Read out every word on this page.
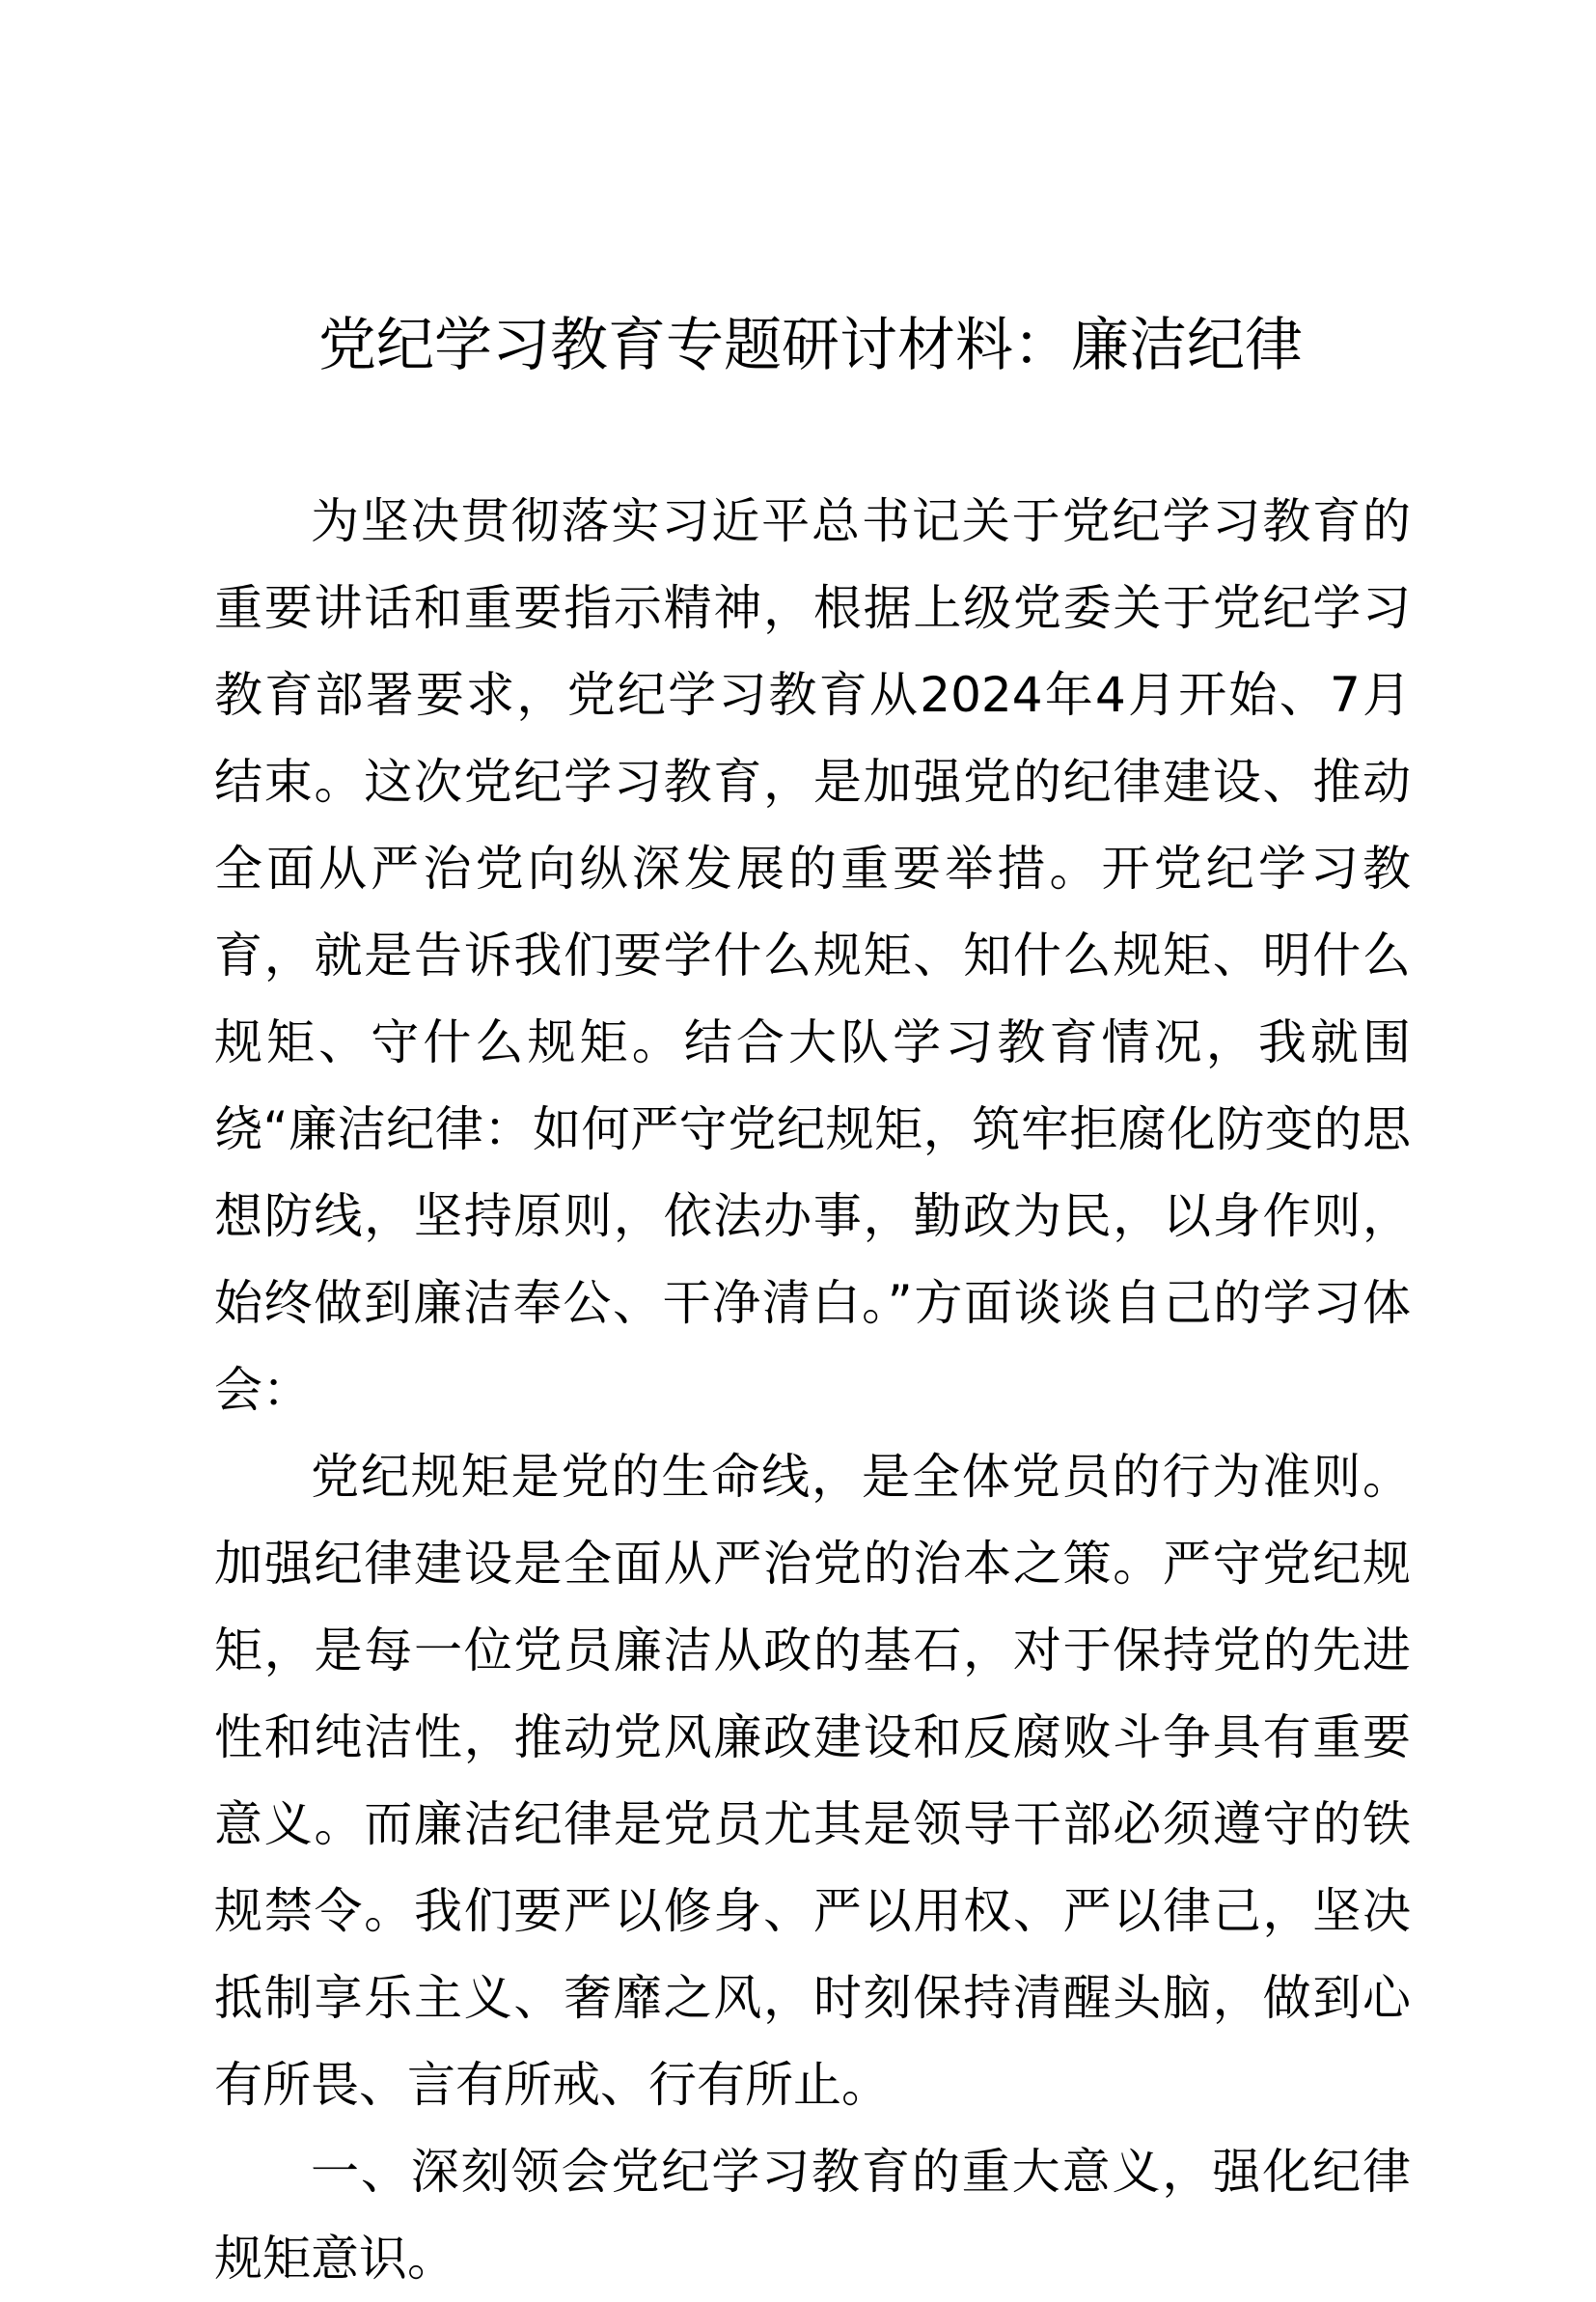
党纪学习教育专题研讨材料：廉洁纪律

为坚决贯彻落实习近平总书记关于党纪学习教育的重要讲话和重要指示精神，根据上级党委关于党纪学习教育部署要求，党纪学习教育从2024年4月开始、7月结束。这次党纪学习教育，是加强党的纪律建设、推动全面从严治党向纵深发展的重要举措。开党纪学习教育，就是告诉我们要学什么规矩、知什么规矩、明什么规矩、守什么规矩。结合大队学习教育情况，我就围绕“廉洁纪律：如何严守党纪规矩，筑牢拒腐化防变的思想防线，坚持原则，依法办事，勤政为民，以身作则，始终做到廉洁奉公、干净清白。”方面谈谈自己的学习体会：

党纪规矩是党的生命线，是全体党员的行为准则。加强纪律建设是全面从严治党的治本之策。严守党纪规矩，是每一位党员廉洁从政的基石，对于保持党的先进性和纯洁性，推动党风廉政建设和反腐败斗争具有重要意义。而廉洁纪律是党员尤其是领导干部必须遵守的铁规禁令。我们要严以修身、严以用权、严以律己，坚决抵制享乐主义、奢靡之风，时刻保持清醒头脑，做到心有所畏、言有所戒、行有所止。

一、深刻领会党纪学习教育的重大意义，强化纪律规矩意识。
